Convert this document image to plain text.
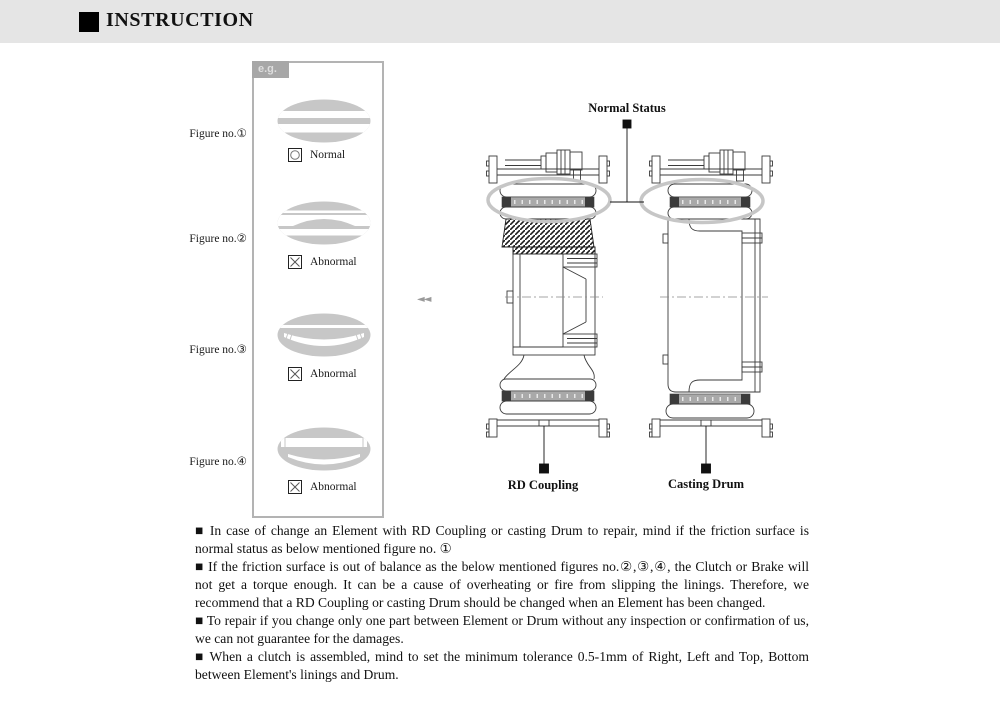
INSTRUCTION
e.g.
Figure no.①
Figure no.②
Figure no.③
Figure no.④
Normal
Abnormal
Abnormal
Abnormal
◄◄
Normal Status
RD Coupling	Casting Drum

■ In case of change an Element with RD Coupling or casting Drum to repair, mind if the friction surface is normal status as below mentioned figure no. ①

■ If the friction surface is out of balance as the below mentioned figures no.②,③,④, the Clutch or Brake will not get a torque enough. It can be a cause of overheating or fire from slipping the linings. Therefore, we recommend that a RD Coupling or casting Drum should be changed when an Element has been changed.

■ To repair if you change only one part between Element or Drum without any inspection or confirmation of us, we can not guarantee for the damages.

■ When a clutch is assembled, mind to set the minimum tolerance 0.5-1mm of Right, Left and Top, Bottom between Element's linings and Drum.
